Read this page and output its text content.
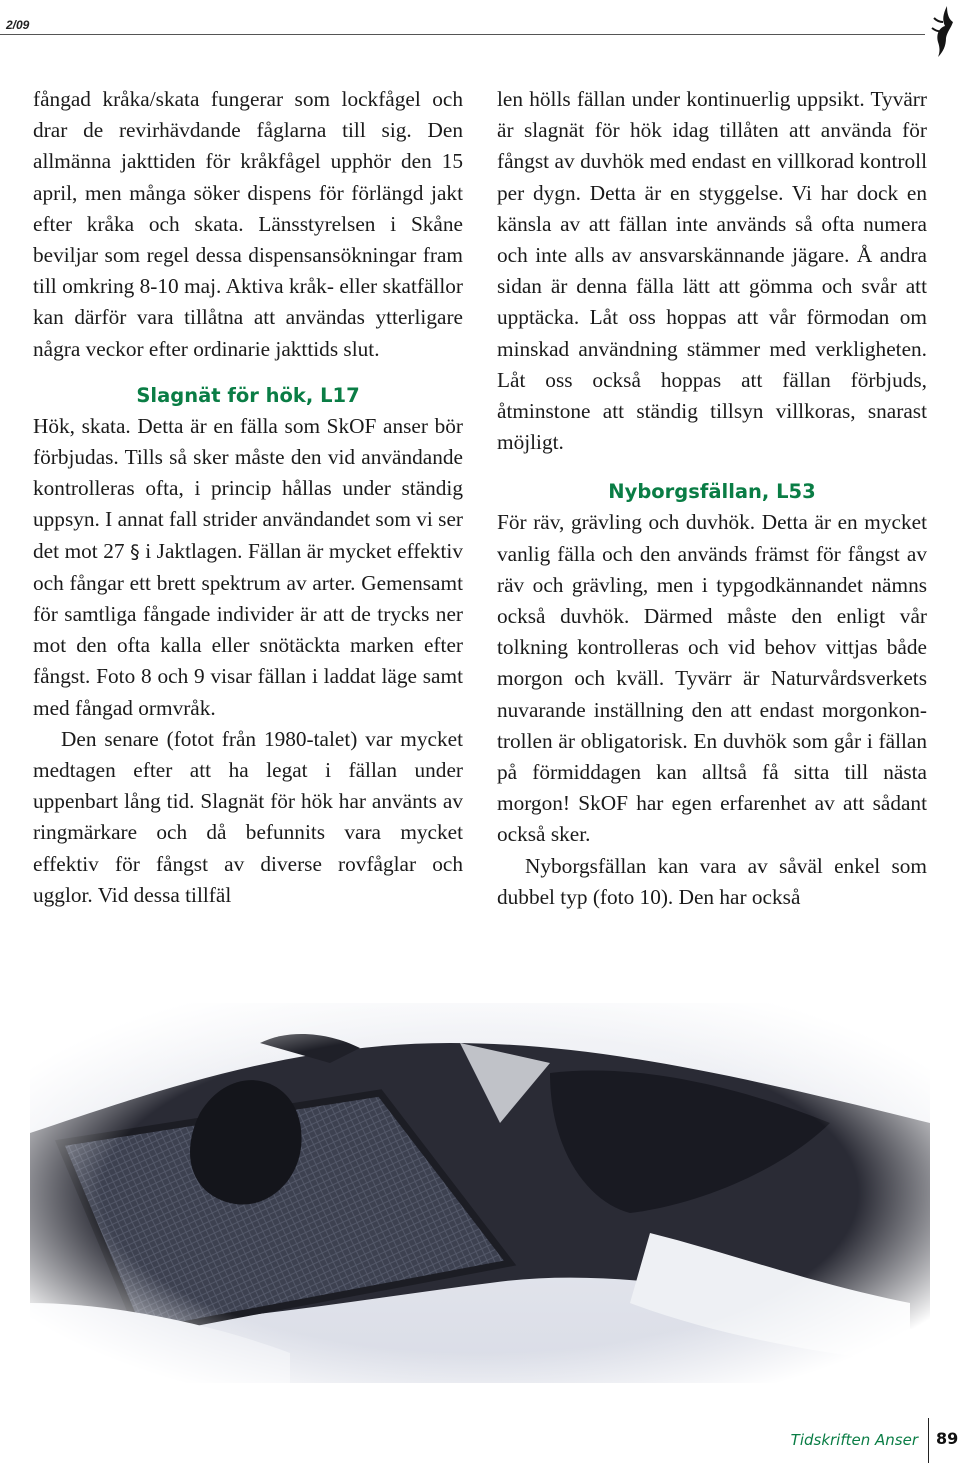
2/09

fångad kråka/skata fungerar som lockfågel och drar de revirhävdande fåglarna till sig. Den allmänna jakttiden för kråkfågel upphör den 15 april, men många söker dispens för förlängd jakt efter kråka och skata. Länsstyrelsen i Skåne beviljar som regel dessa dispensansökningar fram till omkring 8-10 maj. Aktiva kråk- eller skatfällor kan därför vara tillåtna att användas ytterligare några veckor efter ordinarie jakttids slut.

Slagnät för hök, L17

Hök, skata. Detta är en fälla som SkOF anser bör förbjudas. Tills så sker måste den vid användande kontrolleras ofta, i princip hållas under ständig uppsyn. I annat fall strider användandet som vi ser det mot 27 § i Jaktlagen. Fällan är mycket effektiv och fångar ett brett spektrum av arter. Gemensamt för samtliga fångade individer är att de trycks ner mot den ofta kalla eller snötäckta marken efter fångst. Foto 8 och 9 visar fällan i laddat läge samt med fångad ormvråk.

Den senare (fotot från 1980-talet) var mycket medtagen efter att ha legat i fällan under uppenbart lång tid. Slagnät för hök har använts av ringmärkare och då befunnits vara mycket effektiv för fångst av diverse rovfåglar och ugglor. Vid dessa tillfäl

len hölls fällan under kontinuerlig uppsikt. Tyvärr är slagnät för hök idag tillåten att använda för fångst av duvhök med endast en villkorad kontroll per dygn. Detta är en styggelse. Vi har dock en känsla av att fällan inte används så ofta numera och inte alls av ansvarskännande jägare. Å andra sidan är denna fälla lätt att gömma och svår att upptäcka. Låt oss hoppas att vår förmodan om minskad användning stämmer med verkligheten. Låt oss också hoppas att fällan förbjuds, åtminstone att ständig tillsyn villkoras, snarast möjligt.

Nyborgsfällan, L53

För räv, grävling och duvhök. Detta är en mycket vanlig fälla och den används främst för fångst av räv och grävling, men i typgodkännandet nämns också duvhök. Därmed måste den enligt vår tolkning kontrolleras och vid behov vittjas både morgon och kväll. Tyvärr är Naturvårdsverkets nuvarande inställning den att endast morgonkontrollen är obligatorisk. En duvhök som går i fällan på förmiddagen kan alltså få sitta till nästa morgon! SkOF har egen erfarenhet av att sådant också sker.

Nyborgsfällan kan vara av såväl enkel som dubbel typ (foto 10). Den har också

Tidskriften Anser 89
